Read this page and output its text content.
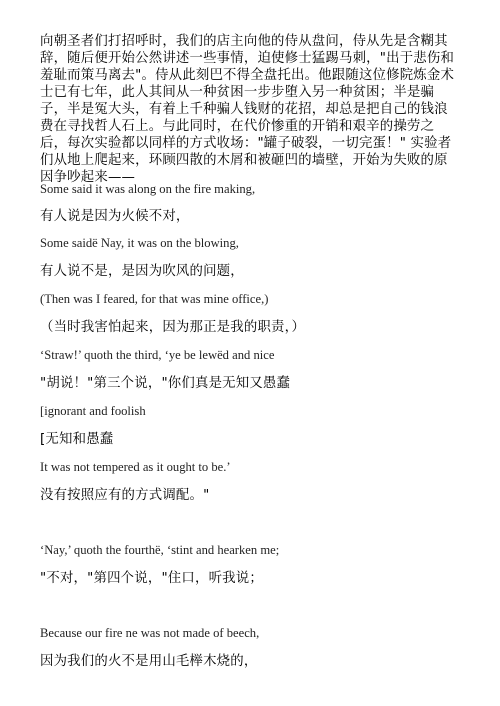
向朝圣者们打招呼时，我们的店主向他的侍从盘问，侍从先是含糊其辞，随后便开始公然讲述一些事情，迫使修士猛踢马刺，"出于悲伤和羞耻而策马离去"。侍从此刻巴不得全盘托出。他跟随这位修院炼金术士已有七年，此人其间从一种贫困一步步堕入另一种贫困；半是骗子，半是冤大头，有着上千种骗人钱财的花招，却总是把自己的钱浪费在寻找哲人石上。与此同时，在代价惨重的开销和艰辛的操劳之后，每次实验都以同样的方式收场："罐子破裂，一切完蛋！" 实验者们从地上爬起来，环顾四散的木屑和被砸凹的墙壁，开始为失败的原因争吵起来——

Some said it was along on the fire making,

有人说是因为火候不对，

Some saidë Nay, it was on the blowing,

有人说不是，是因为吹风的问题，

(Then was I feared, for that was mine office,)

（当时我害怕起来，因为那正是我的职责，）

‘Straw!’ quoth the third, ‘ye be lewëd and nice

"胡说！"第三个说，"你们真是无知又愚蠢

[ignorant and foolish

[无知和愚蠢

It was not tempered as it ought to be.’

没有按照应有的方式调配。"

‘Nay,’ quoth the fourthë, ‘stint and hearken me;

"不对，"第四个说，"住口，听我说；

Because our fire ne was not made of beech,

因为我们的火不是用山毛榉木烧的，
